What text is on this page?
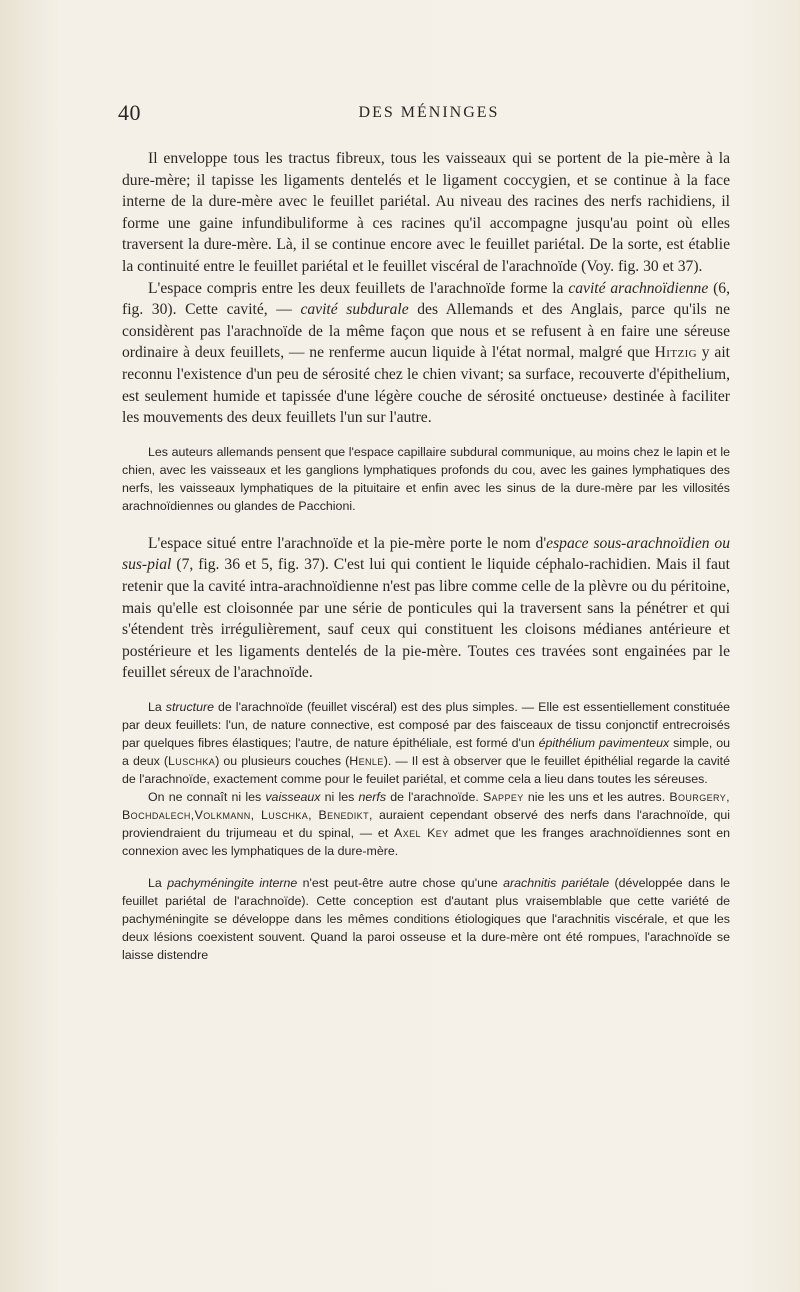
40	DES MÉNINGES

Il enveloppe tous les tractus fibreux, tous les vaisseaux qui se portent de la pie-mère à la dure-mère; il tapisse les ligaments dentelés et le ligament coccygien, et se continue à la face interne de la dure-mère avec le feuillet pariétal. Au niveau des racines des nerfs rachidiens, il forme une gaine infundibuliforme à ces racines qu'il accompagne jusqu'au point où elles traversent la dure-mère. Là, il se continue encore avec le feuillet pariétal. De la sorte, est établie la continuité entre le feuillet pariétal et le feuillet viscéral de l'arachnoïde (Voy. fig. 30 et 37).

L'espace compris entre les deux feuillets de l'arachnoïde forme la cavité arachnoïdienne (6, fig. 30). Cette cavité, — cavité subdurale des Allemands et des Anglais, parce qu'ils ne considèrent pas l'arachnoïde de la même façon que nous et se refusent à en faire une séreuse ordinaire à deux feuillets, — ne renferme aucun liquide à l'état normal, malgré que Hitzig y ait reconnu l'existence d'un peu de sérosité chez le chien vivant; sa surface, recouverte d'épithelium, est seulement humide et tapissée d'une légère couche de sérosité onctueuse› destinée à faciliter les mouvements des deux feuillets l'un sur l'autre.

Les auteurs allemands pensent que l'espace capillaire subdural communique, au moins chez le lapin et le chien, avec les vaisseaux et les ganglions lymphatiques profonds du cou, avec les gaines lymphatiques des nerfs, les vaisseaux lymphatiques de la pituitaire et enfin avec les sinus de la dure-mère par les villosités arachnoïdiennes ou glandes de Pacchioni.

L'espace situé entre l'arachnoïde et la pie-mère porte le nom d'espace sous-arachnoïdien ou sus-pial (7, fig. 36 et 5, fig. 37). C'est lui qui contient le liquide céphalo-rachidien. Mais il faut retenir que la cavité intra-arachnoïdienne n'est pas libre comme celle de la plèvre ou du péritoine, mais qu'elle est cloisonnée par une série de ponticules qui la traversent sans la pénétrer et qui s'étendent très irrégulièrement, sauf ceux qui constituent les cloisons médianes antérieure et postérieure et les ligaments dentelés de la pie-mère. Toutes ces travées sont engainées par le feuillet séreux de l'arachnoïde.

La structure de l'arachnoïde (feuillet viscéral) est des plus simples. — Elle est essentiellement constituée par deux feuillets: l'un, de nature connective, est composé par des faisceaux de tissu conjonctif entrecroisés par quelques fibres élastiques; l'autre, de nature épithéliale, est formé d'un épithélium pavimenteux simple, ou a deux (Luschka) ou plusieurs couches (Henle). — Il est à observer que le feuillet épithélial regarde la cavité de l'arachnoïde, exactement comme pour le feuilet pariétal, et comme cela a lieu dans toutes les séreuses.

On ne connaît ni les vaisseaux ni les nerfs de l'arachnoïde. Sappey nie les uns et les autres. Bourgery, Bochdalech,Volkmann, Luschka, Benedikt, auraient cependant observé des nerfs dans l'arachnoïde, qui proviendraient du trijumeau et du spinal, — et Axel Key admet que les franges arachnoïdiennes sont en connexion avec les lymphatiques de la dure-mère.

La pachyméningite interne n'est peut-être autre chose qu'une arachnitis pariétale (développée dans le feuillet pariétal de l'arachnoïde). Cette conception est d'autant plus vraisemblable que cette variété de pachyméningite se développe dans les mêmes conditions étiologiques que l'arachnitis viscérale, et que les deux lésions coexistent souvent. Quand la paroi osseuse et la dure-mère ont été rompues, l'arachnoïde se laisse distendre
